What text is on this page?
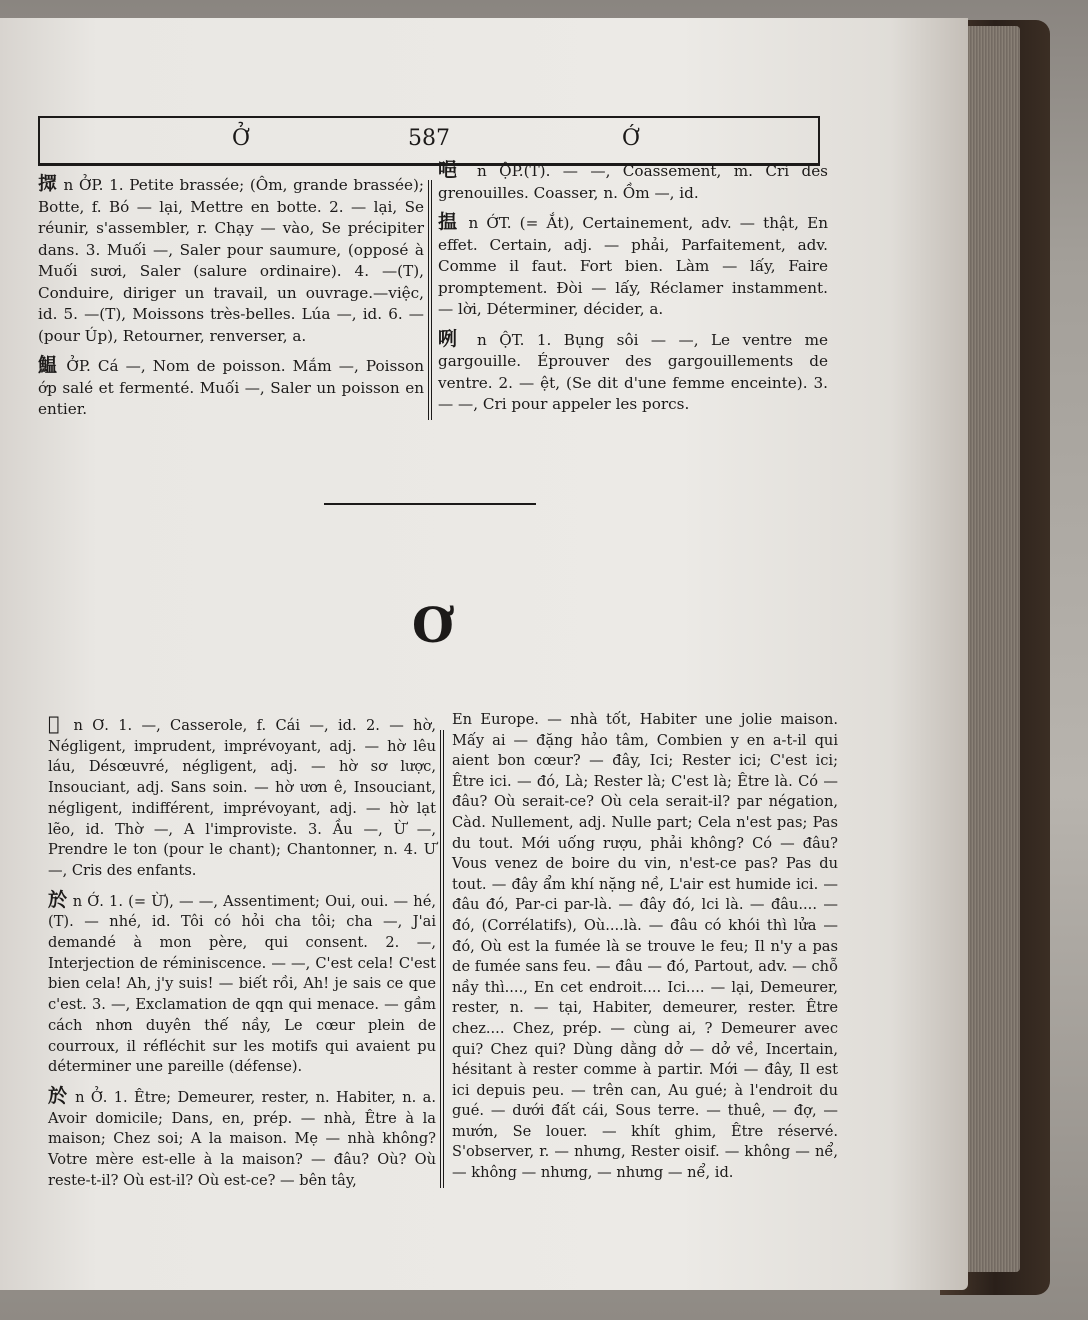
Ở	587	Ớ

𢶢 n ỞP. 1. Petite brassée; (Ôm, grande brassée); Botte, f. Bó — lại, Mettre en botte. 2. — lại, Se réunir, s'assembler, r. Chạy — vào, Se précipiter dans. 3. Muối —, Saler pour saumure, (opposé à Muối sươi, Saler (salure ordinaire). 4. —(T), Conduire, diriger un travail, un ouvrage.—việc, id. 5. —(T), Moissons très-belles. Lúa —, id. 6. —(pour Úp), Retourner, renverser, a.

鰛 ỞP. Cá —, Nom de poisson. Mắm —, Poisson ớp salé et fermenté. Muối —, Saler un poisson en entier.

唈 n ỘP.(T). — —, Coassement, m. Cri des grenouilles. Coasser, n. Ồm —, id.

揾 n ỚT. (= Ắt), Certainement, adv. — thật, En effet. Certain, adj. — phải, Parfaitement, adv. Comme il faut. Fort bien. Làm — lấy, Faire promptement. Đòi — lấy, Réclamer instamment. — lời, Déterminer, décider, a.

咧 n ỘT. 1. Bụng sôi — —, Le ventre me gargouille. Éprouver des gargouillements de ventre. 2. — ệt, (Se dit d'une femme enceinte). 3. — —, Cri pour appeler les porcs.

Ơ

𡊲 n Ơ. 1. —, Casserole, f. Cái —, id. 2. — hờ, Négligent, imprudent, imprévoyant, adj. — hờ lêu láu, Désœuvré, négligent, adj. — hờ sơ lược, Insouciant, adj. Sans soin. — hờ ươn ê, Insouciant, négligent, indifférent, imprévoyant, adj. — hờ lạt lẽo, id. Thờ —, A l'improviste. 3. Ầu —, Ừ —, Prendre le ton (pour le chant); Chantonner, n. 4. Ư —, Cris des enfants.

於 n Ớ. 1. (= Ừ), — —, Assentiment; Oui, oui. — hé, (T). — nhé, id. Tôi có hỏi cha tôi; cha —, J'ai demandé à mon père, qui consent. 2. —, Interjection de réminiscence. — —, C'est cela! C'est bien cela! Ah, j'y suis! — biết rồi, Ah! je sais ce que c'est. 3. —, Exclamation de qqn qui menace. — gầm cách nhơn duyên thế nầy, Le cœur plein de courroux, il réfléchit sur les motifs qui avaient pu déterminer une pareille (défense).

於 n Ở. 1. Être; Demeurer, rester, n. Habiter, n. a. Avoir domicile; Dans, en, prép. — nhà, Être à la maison; Chez soi; A la maison. Mẹ — nhà không? Votre mère est-elle à la maison? — đâu? Où? Où reste-t-il? Où est-il? Où est-ce? — bên tây,

En Europe. — nhà tốt, Habiter une jolie maison. Mấy ai — đặng hảo tâm, Combien y en a-t-il qui aient bon cœur? — đây, Ici; Rester ici; C'est ici; Être ici. — đó, Là; Rester là; C'est là; Être là. Có — đâu? Où serait-ce? Où cela serait-il? par négation, Càd. Nullement, adj. Nulle part; Cela n'est pas; Pas du tout. Mới uống rượu, phải không? Có — đâu? Vous venez de boire du vin, n'est-ce pas? Pas du tout. — đây ẩm khí nặng nề, L'air est humide ici. — đâu đó, Par-ci par-là. — đây đó, lci là. — đâu.... — đó, (Corrélatifs), Où....là. — đâu có khói thì lửa — đó, Où est la fumée là se trouve le feu; Il n'y a pas de fumée sans feu. — đâu — đó, Partout, adv. — chỗ nầy thì...., En cet endroit.... Ici.... — lại, Demeurer, rester, n. — tại, Habiter, demeurer, rester. Être chez.... Chez, prép. — cùng ai, ? Demeurer avec qui? Chez qui? Dùng dằng dở — dở về, Incertain, hésitant à rester comme à partir. Mới — đây, Il est ici depuis peu. — trên can, Au gué; à l'endroit du gué. — dưới đất cái, Sous terre. — thuê, — đợ, — mướn, Se louer. — khít ghim, Être réservé. S'observer, r. — nhưng, Rester oisif. — không — nể, — không — nhưng, — nhưng — nể, id.
